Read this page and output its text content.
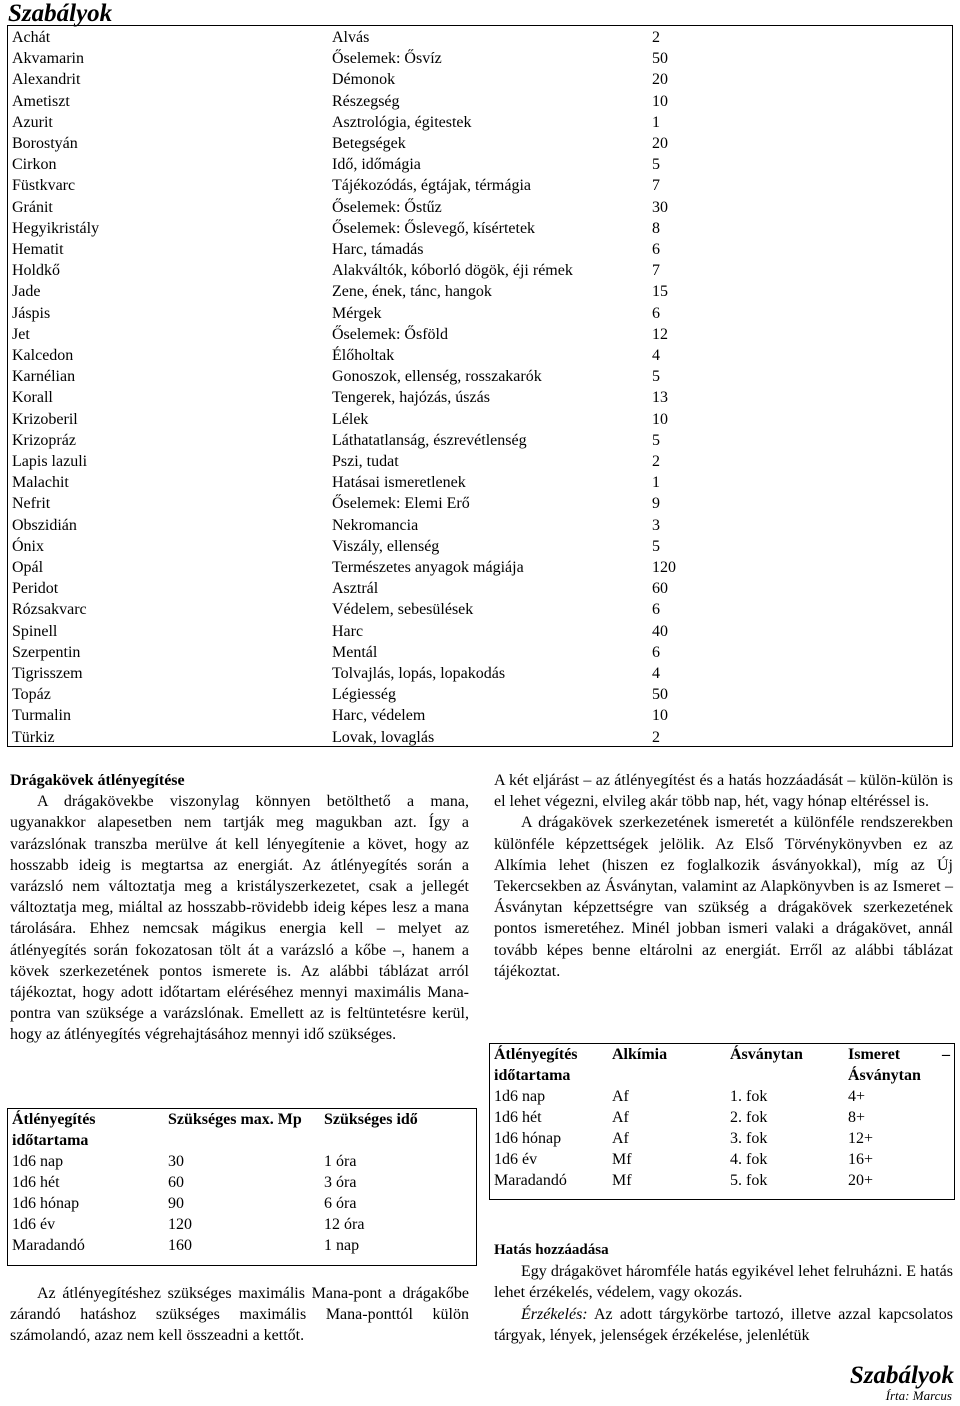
Szabályok
Achát	Alvás	2
Akvamarin	Őselemek: Ősvíz	50
Alexandrit	Démonok	20
Ametiszt	Részegség	10
Azurit	Asztrológia, égitestek	1
Borostyán	Betegségek	20
Cirkon	Idő, időmágia	5
Füstkvarc	Tájékozódás, égtájak, térmágia	7
Gránit	Őselemek: Őstűz	30
Hegyikristály	Őselemek: Őslevegő, kísértetek	8
Hematit	Harc, támadás	6
Holdkő	Alakváltók, kóborló dögök, éji rémek	7
Jade	Zene, ének, tánc, hangok	15
Jáspis	Mérgek	6
Jet	Őselemek: Ősföld	12
Kalcedon	Élőholtak	4
Karnélian	Gonoszok, ellenség, rosszakarók	5
Korall	Tengerek, hajózás, úszás	13
Krizoberil	Lélek	10
Krizopráz	Láthatatlanság, észrevétlenség	5
Lapis lazuli	Pszi, tudat	2
Malachit	Hatásai ismeretlenek	1
Nefrit	Őselemek: Elemi Erő	9
Obszidián	Nekromancia	3
Ónix	Viszály, ellenség	5
Opál	Természetes anyagok mágiája	120
Peridot	Asztrál	60
Rózsakvarc	Védelem, sebesülések	6
Spinell	Harc	40
Szerpentin	Mentál	6
Tigrisszem	Tolvajlás, lopás, lopakodás	4
Topáz	Légiesség	50
Turmalin	Harc, védelem	10
Türkiz	Lovak, lovaglás	2

Drágakövek átlényegítése

A drágakövekbe viszonylag könnyen betölthető a mana, ugyanakkor alapesetben nem tartják meg magukban azt. Így a varázslónak transzba merülve át kell lényegítenie a követ, hogy az hosszabb ideig is megtartsa az energiát. Az átlényegítés során a varázsló nem változtatja meg a kristályszerkezetet, csak a jellegét változtatja meg, miáltal az hosszabb-rövidebb ideig képes lesz a mana tárolására. Ehhez nemcsak mágikus energia kell – melyet az átlényegítés során fokozatosan tölt át a varázsló a kőbe –, hanem a kövek szerkezetének pontos ismerete is. Az alábbi táblázat arról tájékoztat, hogy adott időtartam eléréséhez mennyi maximális Mana-pontra van szüksége a varázslónak. Emellett az is feltüntetésre kerül, hogy az átlényegítés végrehajtásához mennyi idő szükséges.

Átlényegítés időtartama	Szükséges max. Mp	Szükséges idő
1d6 nap	30	1 óra
1d6 hét	60	3 óra
1d6 hónap	90	6 óra
1d6 év	120	12 óra
Maradandó	160	1 nap

Az átlényegítéshez szükséges maximális Mana-pont a drágakőbe zárandó hatáshoz szükséges maximális Mana-ponttól külön számolandó, azaz nem kell összeadni a kettőt.

A két eljárást – az átlényegítést és a hatás hozzáadását – külön-külön is el lehet végezni, elvileg akár több nap, hét, vagy hónap eltéréssel is.

A drágakövek szerkezetének ismeretét a különféle rendszerekben különféle képzettségek jelölik. Az Első Törvénykönyvben ez az Alkímia lehet (hiszen ez foglalkozik ásványokkal), míg az Új Tekercsekben az Ásványtan, valamint az Alapkönyvben is az Ismeret – Ásványtan képzettségre van szükség a drágakövek szerkezetének pontos ismeretéhez. Minél jobban ismeri valaki a drágakövet, annál tovább képes benne eltárolni az energiát. Erről az alábbi táblázat tájékoztat.

Átlényegítés időtartama	Alkímia	Ásványtan	Ismeret – Ásványtan
1d6 nap	Af	1. fok	4+
1d6 hét	Af	2. fok	8+
1d6 hónap	Af	3. fok	12+
1d6 év	Mf	4. fok	16+
Maradandó	Mf	5. fok	20+

Hatás hozzáadása

Egy drágakövet háromféle hatás egyikével lehet felruházni. E hatás lehet érzékelés, védelem, vagy okozás.

Érzékelés: Az adott tárgykörbe tartozó, illetve azzal kapcsolatos tárgyak, lények, jelenségek érzékelése, jelenlétük

Szabályok
Írta: Marcus
